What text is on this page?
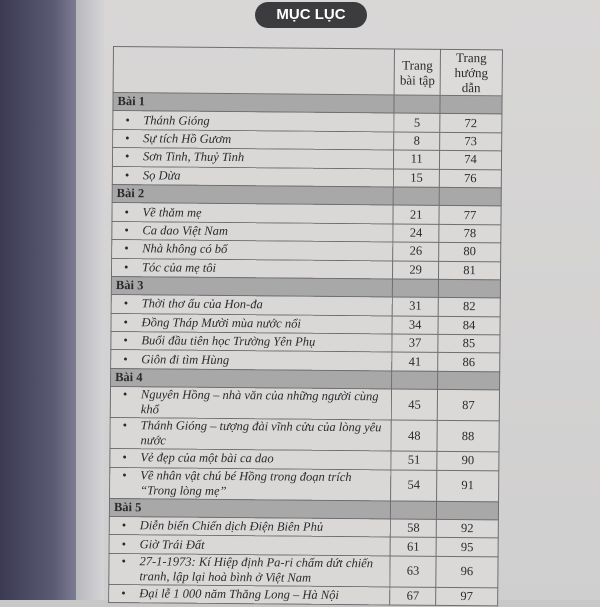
MỤC LỤC
	Trang bài tập	Trang hướng dẫn
Bài 1		
• Thánh Gióng	5	72
• Sự tích Hồ Gươm	8	73
• Sơn Tinh, Thuỷ Tinh	11	74
• Sọ Dừa	15	76
Bài 2		
• Về thăm mẹ	21	77
• Ca dao Việt Nam	24	78
• Nhà không có bố	26	80
• Tóc của mẹ tôi	29	81
Bài 3		
• Thời thơ ấu của Hon-đa	31	82
• Đồng Tháp Mười mùa nước nổi	34	84
• Buổi đầu tiên học Trường Yên Phụ	37	85
• Giôn đi tìm Hùng	41	86
Bài 4		
• Nguyên Hồng – nhà văn của những người cùng khổ	45	87
• Thánh Gióng – tượng đài vĩnh cửu của lòng yêu nước	48	88
• Vẻ đẹp của một bài ca dao	51	90
• Về nhân vật chú bé Hồng trong đoạn trích “Trong lòng mẹ”	54	91
Bài 5		
• Diễn biến Chiến dịch Điện Biên Phủ	58	92
• Giờ Trái Đất	61	95
• 27-1-1973: Kí Hiệp định Pa-ri chấm dứt chiến tranh, lập lại hoà bình ở Việt Nam	63	96
• Đại lễ 1 000 năm Thăng Long – Hà Nội	67	97
